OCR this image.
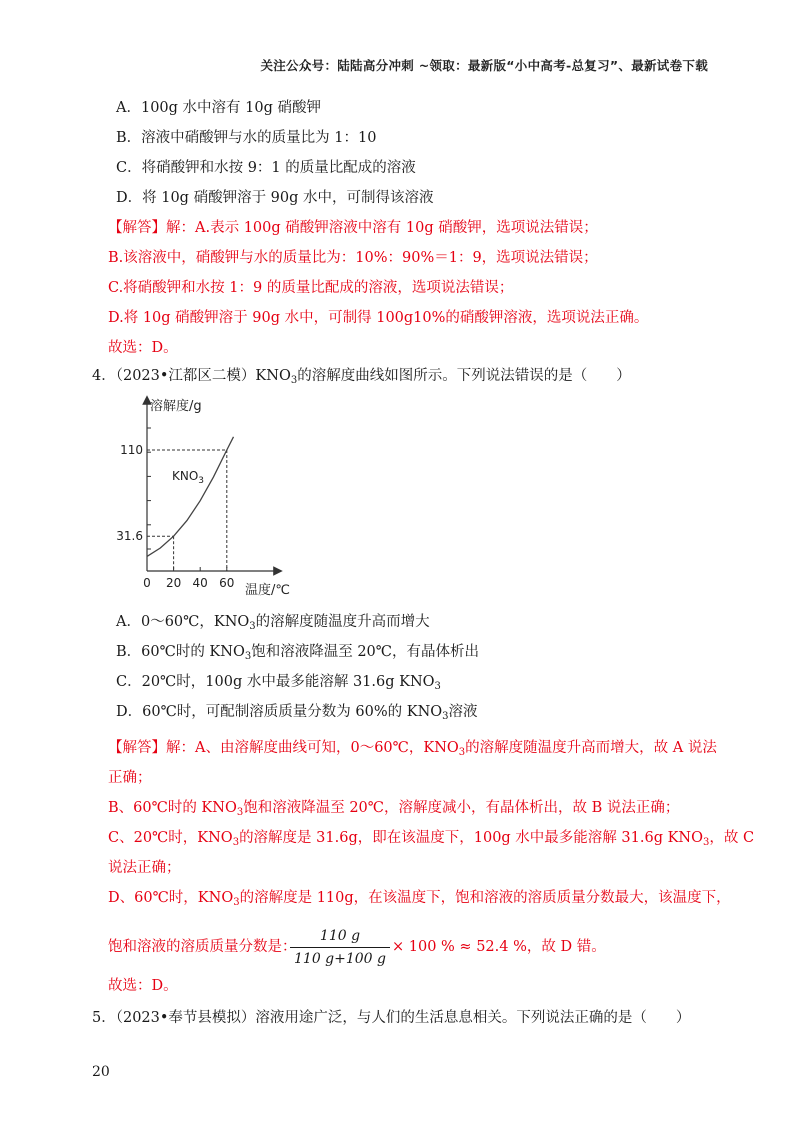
关注公众号：陆陆高分冲刺 ~领取：最新版“小中高考-总复习”、最新试卷下载
A．100g 水中溶有 10g 硝酸钾
B．溶液中硝酸钾与水的质量比为 1：10
C．将硝酸钾和水按 9：1 的质量比配成的溶液
D．将 10g 硝酸钾溶于 90g 水中，可制得该溶液
【解答】解：A.表示 100g 硝酸钾溶液中溶有 10g 硝酸钾，选项说法错误；
B.该溶液中，硝酸钾与水的质量比为：10%：90%＝1：9，选项说法错误；
C.将硝酸钾和水按 1：9 的质量比配成的溶液，选项说法错误；
D.将 10g 硝酸钾溶于 90g 水中，可制得 100g10%的硝酸钾溶液，选项说法正确。
故选：D。
4．（2023•江都区二模）$KNO_3$的溶解度曲线如图所示。下列说法错误的是（　　）
溶解度/g
温度/℃
$KNO_3$
0 20 40 60
31.6
110
A．0～60℃，$KNO_3$的溶解度随温度升高而增大
B．60℃时的 $KNO_3$饱和溶液降温至 20℃，有晶体析出
C．20℃时，100g 水中最多能溶解 31.6g $KNO_3$
D．60℃时，可配制溶质质量分数为 60%的 $KNO_3$溶液
【解答】解：A、由溶解度曲线可知，0～60℃，$KNO_3$的溶解度随温度升高而增大，故 A 说法
正确；
B、60℃时的 $KNO_3$饱和溶液降温至 20℃，溶解度减小，有晶体析出，故 B 说法正确；
C、20℃时，$KNO_3$的溶解度是 31.6g，即在该温度下，100g 水中最多能溶解 31.6g $KNO_3$，故 C
说法正确；
D、60℃时，$KNO_3$的溶解度是 110g，在该温度下，饱和溶液的溶质质量分数最大，该温度下，
饱和溶液的溶质质量分数是：
110 g
110 g+100 g
× 100 % ≈ 52.4 %，故 D 错。
故选：D。
5．（2023•奉节县模拟）溶液用途广泛，与人们的生活息息相关。下列说法正确的是（　　）
20
